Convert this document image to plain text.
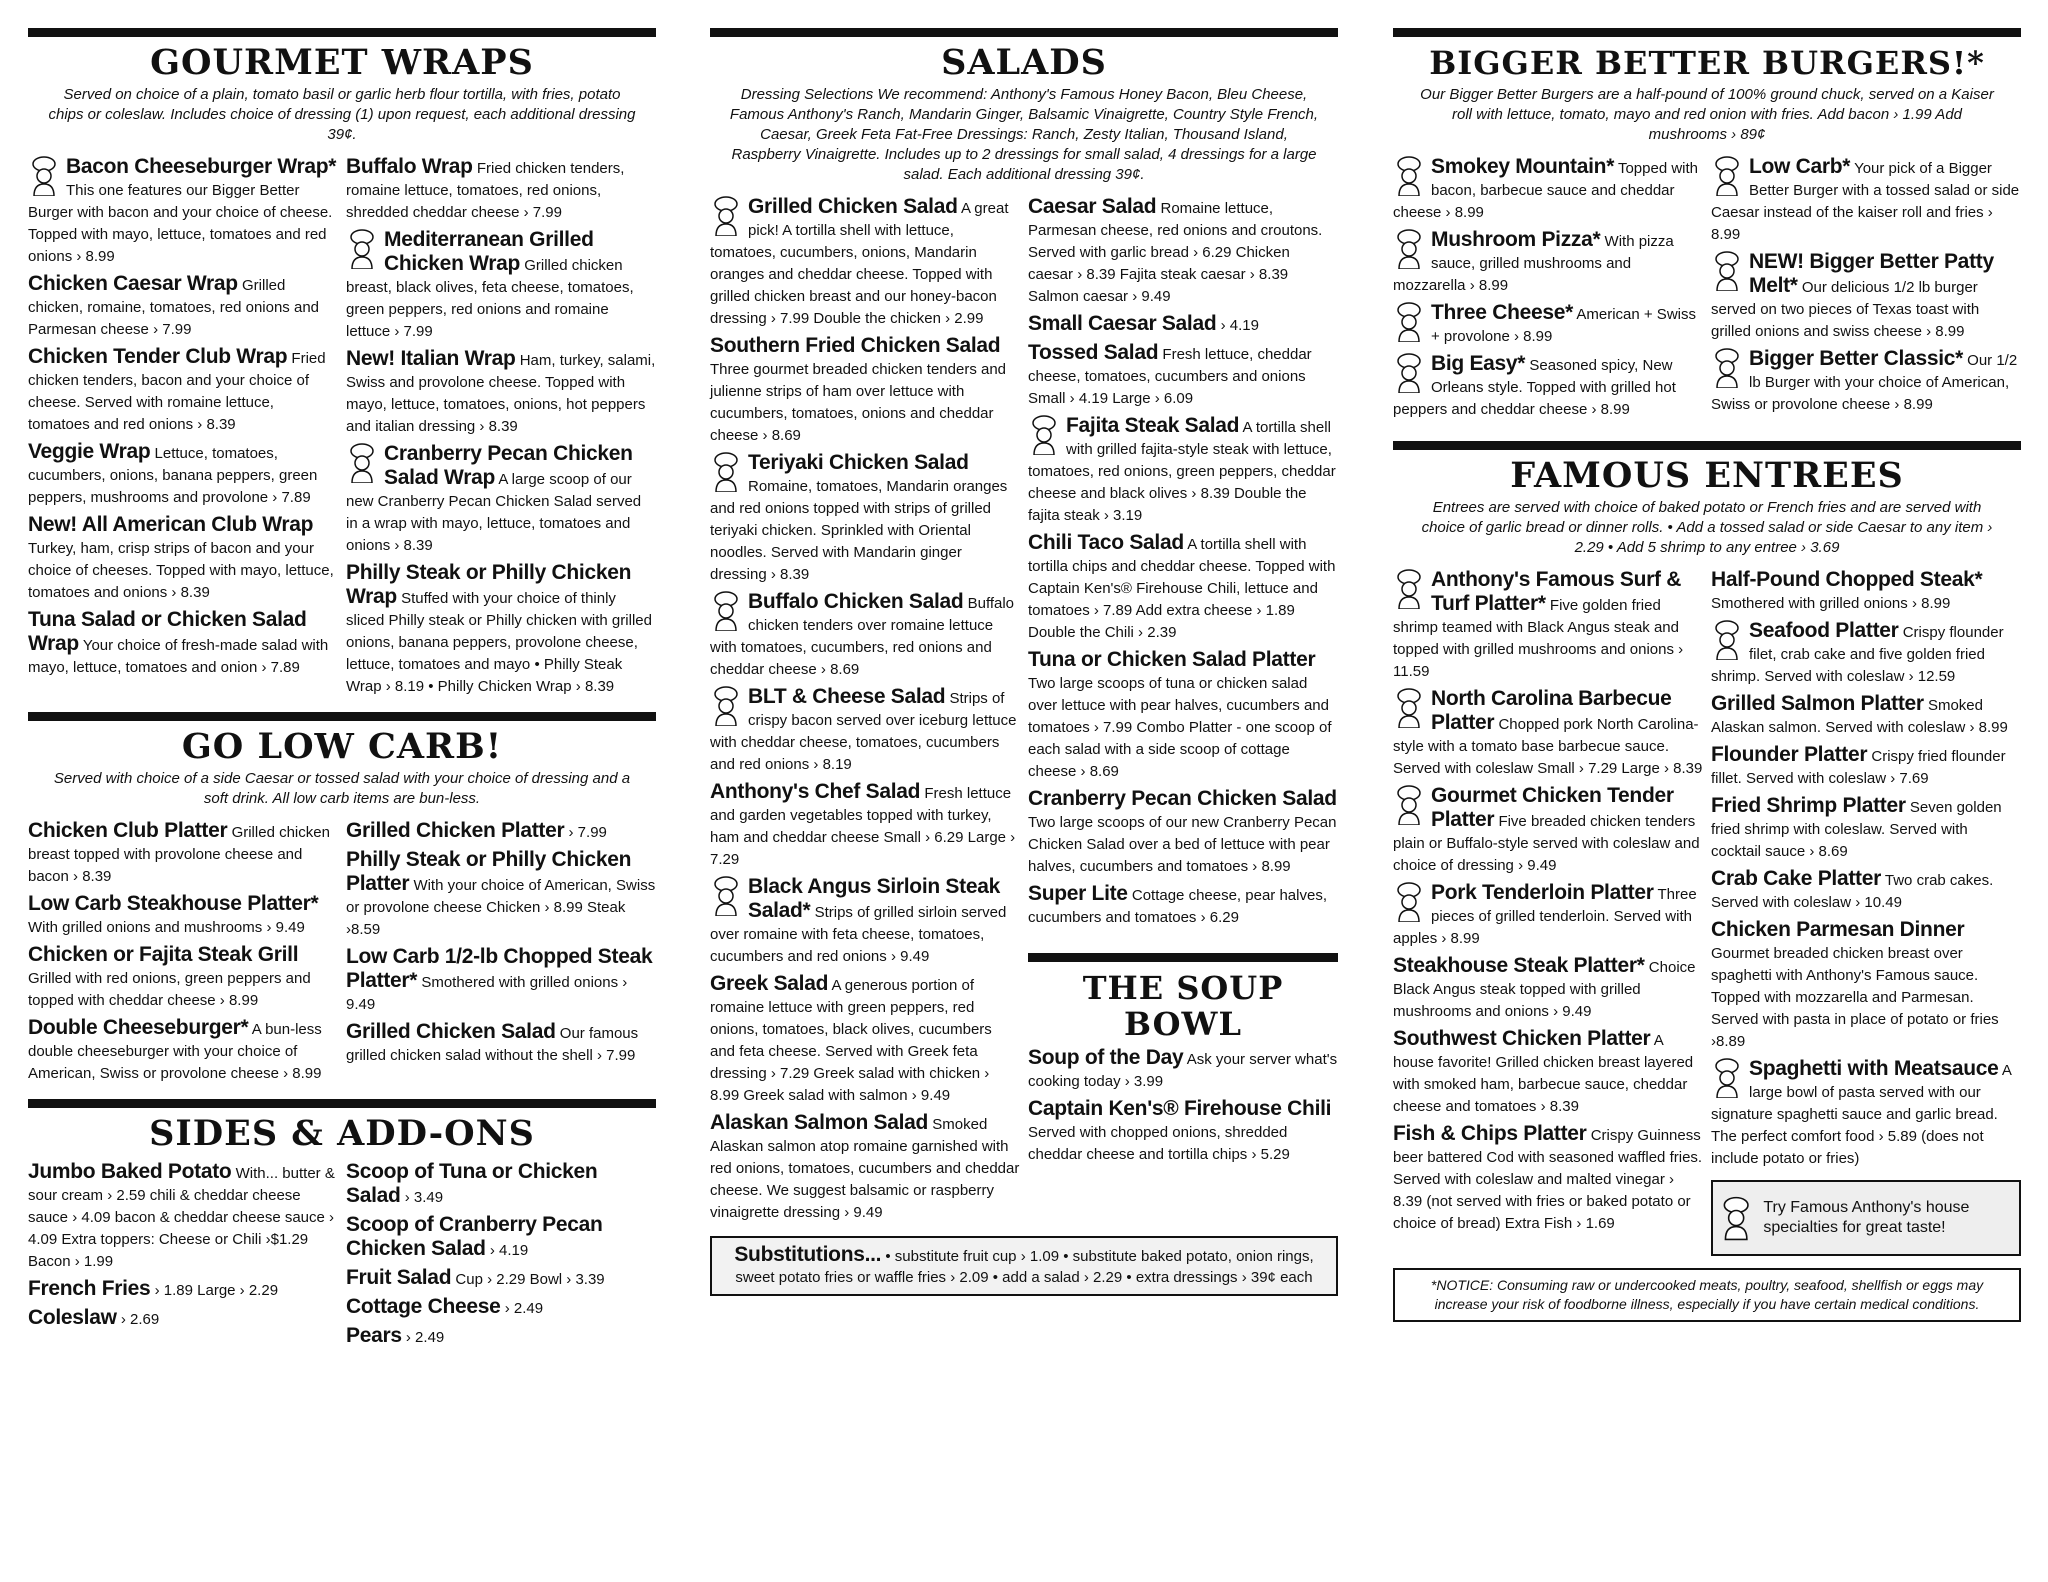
GOURMET WRAPS
Served on choice of a plain, tomato basil or garlic herb flour tortilla, with fries, potato chips or coleslaw. Includes choice of dressing (1) upon request, each additional dressing 39¢.
Bacon Cheeseburger Wrap* This one features our Bigger Better Burger with bacon and your choice of cheese. Topped with mayo, lettuce, tomatoes and red onions › 8.99
Chicken Caesar Wrap Grilled chicken, romaine, tomatoes, red onions and Parmesan cheese › 7.99
Chicken Tender Club Wrap Fried chicken tenders, bacon and your choice of cheese. Served with romaine lettuce, tomatoes and red onions › 8.39
Veggie Wrap Lettuce, tomatoes, cucumbers, onions, banana peppers, green peppers, mushrooms and provolone › 7.89
New! All American Club Wrap Turkey, ham, crisp strips of bacon and your choice of cheeses. Topped with mayo, lettuce, tomatoes and onions › 8.39
Tuna Salad or Chicken Salad Wrap Your choice of fresh-made salad with mayo, lettuce, tomatoes and onion › 7.89
Buffalo Wrap Fried chicken tenders, romaine lettuce, tomatoes, red onions, shredded cheddar cheese › 7.99
Mediterranean Grilled Chicken Wrap Grilled chicken breast, black olives, feta cheese, tomatoes, green peppers, red onions and romaine lettuce › 7.99
New! Italian Wrap Ham, turkey, salami, Swiss and provolone cheese. Topped with mayo, lettuce, tomatoes, onions, hot peppers and italian dressing › 8.39
Cranberry Pecan Chicken Salad Wrap A large scoop of our new Cranberry Pecan Chicken Salad served in a wrap with mayo, lettuce, tomatoes and onions › 8.39
Philly Steak or Philly Chicken Wrap Stuffed with your choice of thinly sliced Philly steak or Philly chicken with grilled onions, banana peppers, provolone cheese, lettuce, tomatoes and mayo • Philly Steak Wrap › 8.19 • Philly Chicken Wrap › 8.39
GO LOW CARB!
Served with choice of a side Caesar or tossed salad with your choice of dressing and a soft drink. All low carb items are bun-less.
Chicken Club Platter Grilled chicken breast topped with provolone cheese and bacon › 8.39
Low Carb Steakhouse Platter* With grilled onions and mushrooms › 9.49
Chicken or Fajita Steak Grill Grilled with red onions, green peppers and topped with cheddar cheese › 8.99
Double Cheeseburger* A bun-less double cheeseburger with your choice of American, Swiss or provolone cheese › 8.99
Grilled Chicken Platter › 7.99
Philly Steak or Philly Chicken Platter With your choice of American, Swiss or provolone cheese Chicken › 8.99 Steak ›8.59
Low Carb 1/2-lb Chopped Steak Platter* Smothered with grilled onions › 9.49
Grilled Chicken Salad Our famous grilled chicken salad without the shell › 7.99
SIDES & ADD-ONS
Jumbo Baked Potato With... butter & sour cream › 2.59 chili & cheddar cheese sauce › 4.09 bacon & cheddar cheese sauce › 4.09 Extra toppers: Cheese or Chili ›$1.29 Bacon › 1.99
French Fries › 1.89 Large › 2.29
Coleslaw › 2.69
Scoop of Tuna or Chicken Salad › 3.49
Scoop of Cranberry Pecan Chicken Salad › 4.19
Fruit Salad Cup › 2.29 Bowl › 3.39
Cottage Cheese › 2.49
Pears › 2.49
SALADS
Dressing Selections We recommend: Anthony's Famous Honey Bacon, Bleu Cheese, Famous Anthony's Ranch, Mandarin Ginger, Balsamic Vinaigrette, Country Style French, Caesar, Greek Feta Fat-Free Dressings: Ranch, Zesty Italian, Thousand Island, Raspberry Vinaigrette. Includes up to 2 dressings for small salad, 4 dressings for a large salad. Each additional dressing 39¢.
Grilled Chicken Salad A great pick! A tortilla shell with lettuce, tomatoes, cucumbers, onions, Mandarin oranges and cheddar cheese. Topped with grilled chicken breast and our honey-bacon dressing › 7.99 Double the chicken › 2.99
Southern Fried Chicken Salad Three gourmet breaded chicken tenders and julienne strips of ham over lettuce with cucumbers, tomatoes, onions and cheddar cheese › 8.69
Teriyaki Chicken Salad Romaine, tomatoes, Mandarin oranges and red onions topped with strips of grilled teriyaki chicken. Sprinkled with Oriental noodles. Served with Mandarin ginger dressing › 8.39
Buffalo Chicken Salad Buffalo chicken tenders over romaine lettuce with tomatoes, cucumbers, red onions and cheddar cheese › 8.69
BLT & Cheese Salad Strips of crispy bacon served over iceburg lettuce with cheddar cheese, tomatoes, cucumbers and red onions › 8.19
Anthony's Chef Salad Fresh lettuce and garden vegetables topped with turkey, ham and cheddar cheese Small › 6.29 Large › 7.29
Black Angus Sirloin Steak Salad* Strips of grilled sirloin served over romaine with feta cheese, tomatoes, cucumbers and red onions › 9.49
Greek Salad A generous portion of romaine lettuce with green peppers, red onions, tomatoes, black olives, cucumbers and feta cheese. Served with Greek feta dressing › 7.29 Greek salad with chicken › 8.99 Greek salad with salmon › 9.49
Alaskan Salmon Salad Smoked Alaskan salmon atop romaine garnished with red onions, tomatoes, cucumbers and cheddar cheese. We suggest balsamic or raspberry vinaigrette dressing › 9.49
Caesar Salad Romaine lettuce, Parmesan cheese, red onions and croutons. Served with garlic bread › 6.29 Chicken caesar › 8.39 Fajita steak caesar › 8.39 Salmon caesar › 9.49
Small Caesar Salad › 4.19
Tossed Salad Fresh lettuce, cheddar cheese, tomatoes, cucumbers and onions Small › 4.19 Large › 6.09
Fajita Steak Salad A tortilla shell with grilled fajita-style steak with lettuce, tomatoes, red onions, green peppers, cheddar cheese and black olives › 8.39 Double the fajita steak › 3.19
Chili Taco Salad A tortilla shell with tortilla chips and cheddar cheese. Topped with Captain Ken's® Firehouse Chili, lettuce and tomatoes › 7.89 Add extra cheese › 1.89 Double the Chili › 2.39
Tuna or Chicken Salad Platter Two large scoops of tuna or chicken salad over lettuce with pear halves, cucumbers and tomatoes › 7.99 Combo Platter - one scoop of each salad with a side scoop of cottage cheese › 8.69
Cranberry Pecan Chicken Salad Two large scoops of our new Cranberry Pecan Chicken Salad over a bed of lettuce with pear halves, cucumbers and tomatoes › 8.99
Super Lite Cottage cheese, pear halves, cucumbers and tomatoes › 6.29
THE SOUP BOWL
Soup of the Day Ask your server what's cooking today › 3.99
Captain Ken's® Firehouse Chili Served with chopped onions, shredded cheddar cheese and tortilla chips › 5.29
Substitutions... • substitute fruit cup › 1.09 • substitute baked potato, onion rings, sweet potato fries or waffle fries › 2.09 • add a salad › 2.29 • extra dressings › 39¢ each
BIGGER BETTER BURGERS!*
Our Bigger Better Burgers are a half-pound of 100% ground chuck, served on a Kaiser roll with lettuce, tomato, mayo and red onion with fries. Add bacon › 1.99 Add mushrooms › 89¢
Smokey Mountain* Topped with bacon, barbecue sauce and cheddar cheese › 8.99
Mushroom Pizza* With pizza sauce, grilled mushrooms and mozzarella › 8.99
Three Cheese* American + Swiss + provolone › 8.99
Big Easy* Seasoned spicy, New Orleans style. Topped with grilled hot peppers and cheddar cheese › 8.99
Low Carb* Your pick of a Bigger Better Burger with a tossed salad or side Caesar instead of the kaiser roll and fries › 8.99
NEW! Bigger Better Patty Melt* Our delicious 1/2 lb burger served on two pieces of Texas toast with grilled onions and swiss cheese › 8.99
Bigger Better Classic* Our 1/2 lb Burger with your choice of American, Swiss or provolone cheese › 8.99
FAMOUS ENTREES
Entrees are served with choice of baked potato or French fries and are served with choice of garlic bread or dinner rolls. • Add a tossed salad or side Caesar to any item › 2.29 • Add 5 shrimp to any entree › 3.69
Anthony's Famous Surf & Turf Platter* Five golden fried shrimp teamed with Black Angus steak and topped with grilled mushrooms and onions › 11.59
North Carolina Barbecue Platter Chopped pork North Carolina-style with a tomato base barbecue sauce. Served with coleslaw Small › 7.29 Large › 8.39
Gourmet Chicken Tender Platter Five breaded chicken tenders plain or Buffalo-style served with coleslaw and choice of dressing › 9.49
Pork Tenderloin Platter Three pieces of grilled tenderloin. Served with apples › 8.99
Steakhouse Steak Platter* Choice Black Angus steak topped with grilled mushrooms and onions › 9.49
Southwest Chicken Platter A house favorite! Grilled chicken breast layered with smoked ham, barbecue sauce, cheddar cheese and tomatoes › 8.39
Fish & Chips Platter Crispy Guinness beer battered Cod with seasoned waffled fries. Served with coleslaw and malted vinegar › 8.39 (not served with fries or baked potato or choice of bread) Extra Fish › 1.69
Half-Pound Chopped Steak* Smothered with grilled onions › 8.99
Seafood Platter Crispy flounder filet, crab cake and five golden fried shrimp. Served with coleslaw › 12.59
Grilled Salmon Platter Smoked Alaskan salmon. Served with coleslaw › 8.99
Flounder Platter Crispy fried flounder fillet. Served with coleslaw › 7.69
Fried Shrimp Platter Seven golden fried shrimp with coleslaw. Served with cocktail sauce › 8.69
Crab Cake Platter Two crab cakes. Served with coleslaw › 10.49
Chicken Parmesan Dinner Gourmet breaded chicken breast over spaghetti with Anthony's Famous sauce. Topped with mozzarella and Parmesan. Served with pasta in place of potato or fries ›8.89
Spaghetti with Meatsauce A large bowl of pasta served with our signature spaghetti sauce and garlic bread. The perfect comfort food › 5.89 (does not include potato or fries)
Try Famous Anthony's house specialties for great taste!
*NOTICE: Consuming raw or undercooked meats, poultry, seafood, shellfish or eggs may increase your risk of foodborne illness, especially if you have certain medical conditions.
